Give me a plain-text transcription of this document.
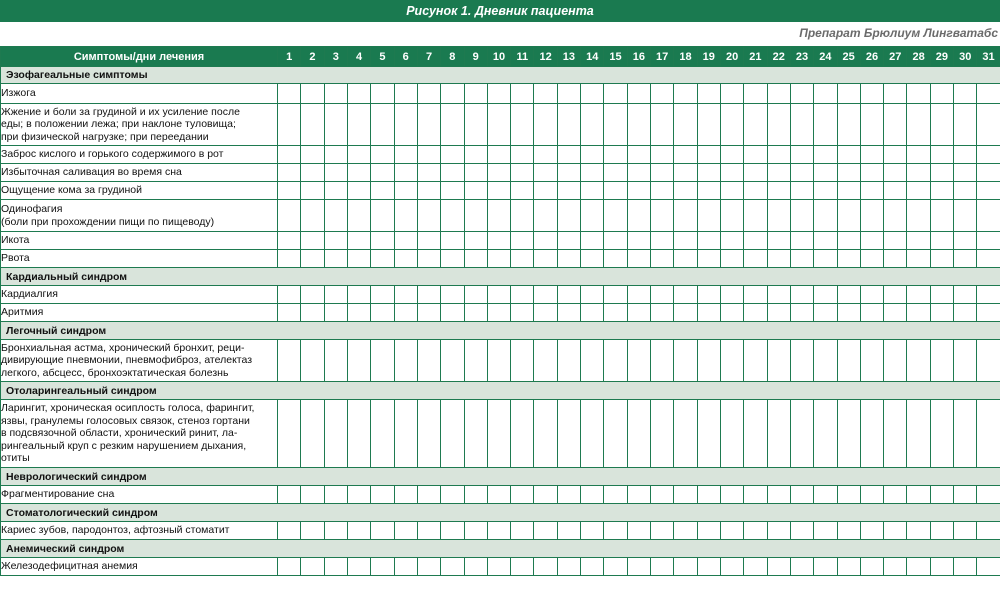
Рисунок 1. Дневник пациента
Препарат Брюлиум Лингватабс
Симптомы/дни лечения	1	2	3	4	5	6	7	8	9	10	11	12	13	14	15	16	17	18	19	20	21	22	23	24	25	26	27	28	29	30	31
Эзофагеальные симптомы																															
Изжога																															
Жжение и боли за грудиной и их усиление после
еды; в положении лежа; при наклоне туловища;
при физической нагрузке; при переедании																															
Заброс кислого и горького содержимого в рот																															
Избыточная саливация во время сна																															
Ощущение кома за грудиной																															
Одинофагия
(боли при прохождении пищи по пищеводу)																															
Икота																															
Рвота																															
Кардиальный синдром																															
Кардиалгия																															
Аритмия																															
Легочный синдром																															
Бронхиальная астма, хронический бронхит, реци-
дивирующие пневмонии, пневмофиброз, ателектаз
легкого, абсцесс, бронхоэктатическая болезнь																															
Отоларингеальный синдром																															
Ларингит, хроническая осиплость голоса, фарингит,
язвы, гранулемы голосовых связок, стеноз гортани
в подсвязочной области, хронический ринит, ла-
рингеальный круп с резким нарушением дыхания,
отиты																															
Неврологический синдром																															
Фрагментирование сна																															
Стоматологический синдром																															
Кариес зубов, пародонтоз, афтозный стоматит																															
Анемический синдром																															
Железодефицитная анемия																															
